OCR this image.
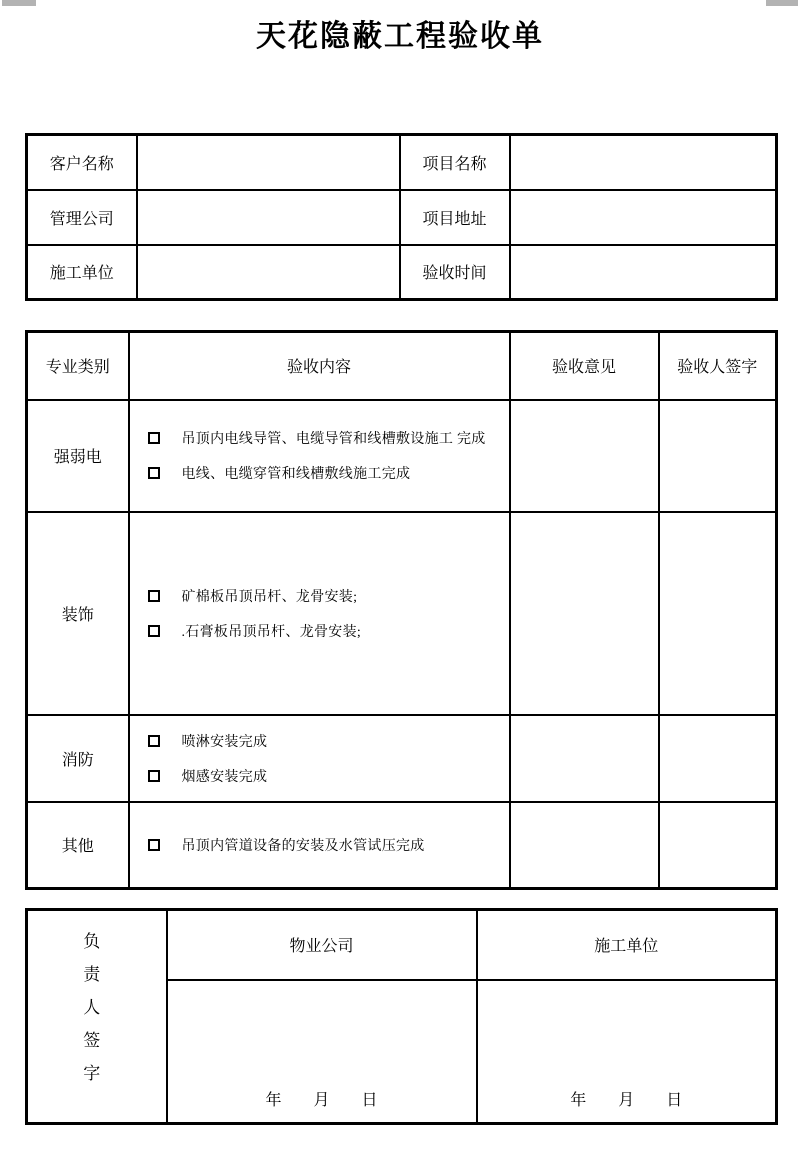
天花隐蔽工程验收单
客户名称		项目名称	
管理公司		项目地址	
施工单位		验收时间	
专业类别	验收内容	验收意见	验收人签字
强弱电	吊顶内电线导管、电缆导管和线槽敷设施工 完成
电线、电缆穿管和线槽敷线施工完成		

装饰	矿棉板吊顶吊杆、龙骨安装;
.石膏板吊顶吊杆、龙骨安装;		

消防	喷淋安装完成
烟感安装完成		

其他	吊顶内管道设备的安装及水管试压完成		

负责人签字	物业公司	施工单位

	年 月 日	年 月 日
